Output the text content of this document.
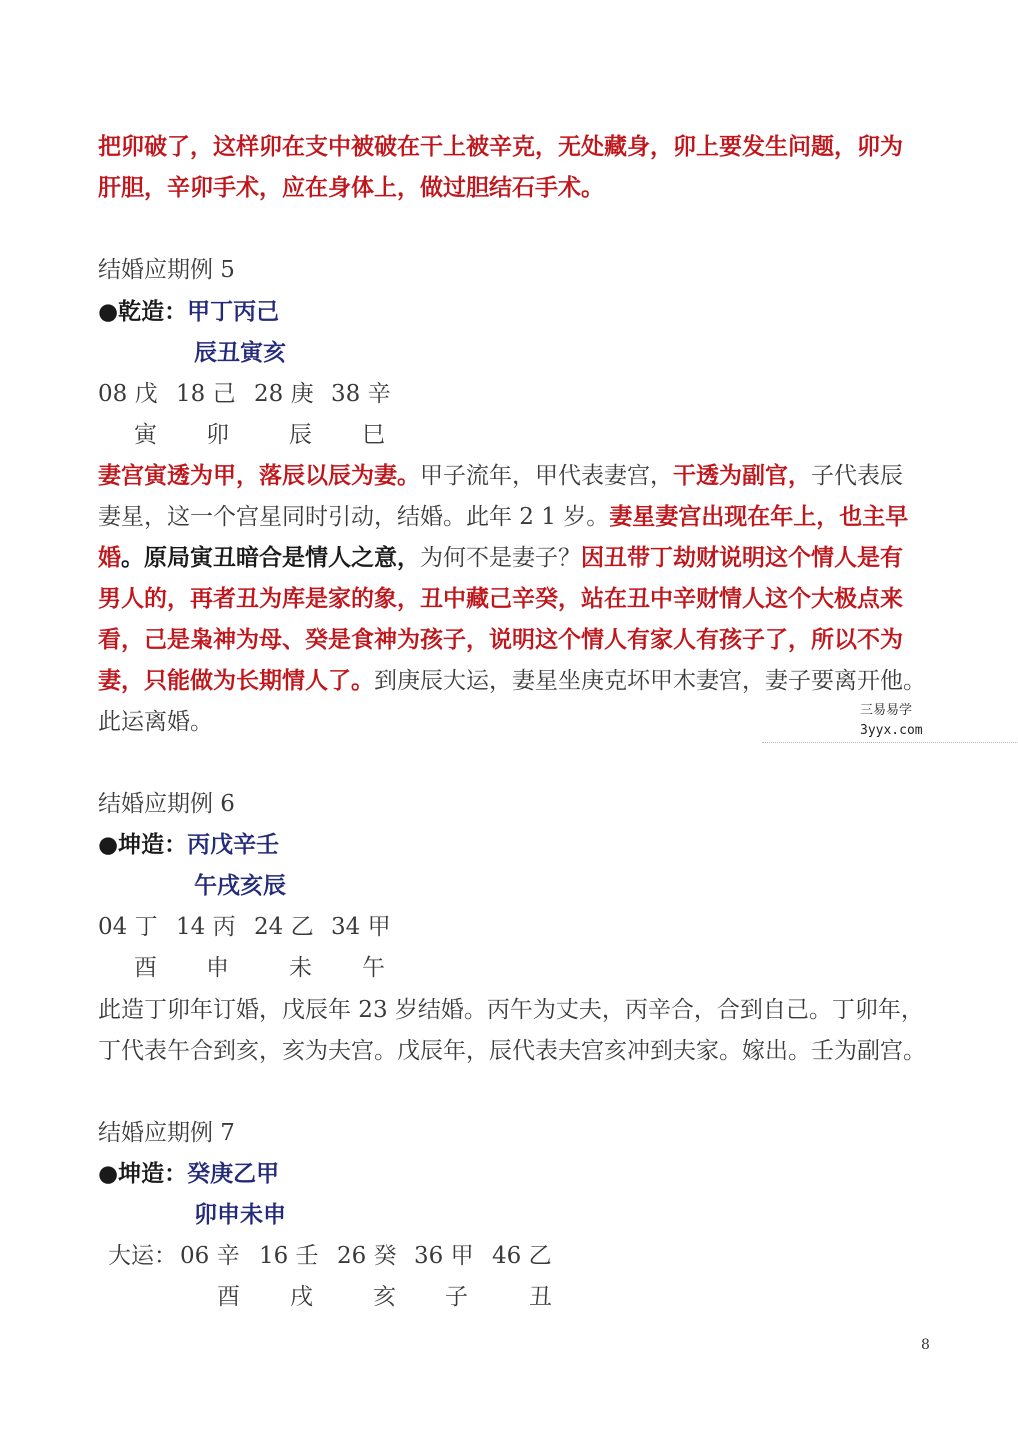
把卯破了，这样卯在支中被破在干上被辛克，无处藏身，卯上要发生问题，卯为
肝胆，辛卯手术，应在身体上，做过胆结石手术。
结婚应期例 5
●乾造：甲丁丙己
辰丑寅亥
08 戊 18 己 28 庚 38 辛
寅 卯	辰 巳
妻宫寅透为甲，落辰以辰为妻。甲子流年，甲代表妻宫，干透为副官，子代表辰
妻星，这一个宫星同时引动，结婚。此年 2 1 岁。妻星妻宫出现在年上，也主早
婚。原局寅丑暗合是情人之意，为何不是妻子？因丑带丁劫财说明这个情人是有
男人的，再者丑为库是家的象，丑中藏己辛癸，站在丑中辛财情人这个大极点来
看，己是枭神为母、癸是食神为孩子，说明这个情人有家人有孩子了，所以不为
妻，只能做为长期情人了。到庚辰大运，妻星坐庚克坏甲木妻宫，妻子要离开他。
此运离婚。	三易易学
3yyx.com
结婚应期例 6
●坤造：丙戊辛壬
午戌亥辰
04 丁 14 丙 24 乙 34 甲
酉 申	未 午
此造丁卯年订婚，戊辰年 23 岁结婚。丙午为丈夫，丙辛合，合到自己。丁卯年，
丁代表午合到亥，亥为夫宫。戊辰年，辰代表夫宫亥冲到夫家。嫁出。壬为副宫。
结婚应期例 7
●坤造：癸庚乙甲
卯申未申
大运： 06 辛 16 壬 26 癸 36 甲 46 乙
酉 戌	亥 子	丑
8
